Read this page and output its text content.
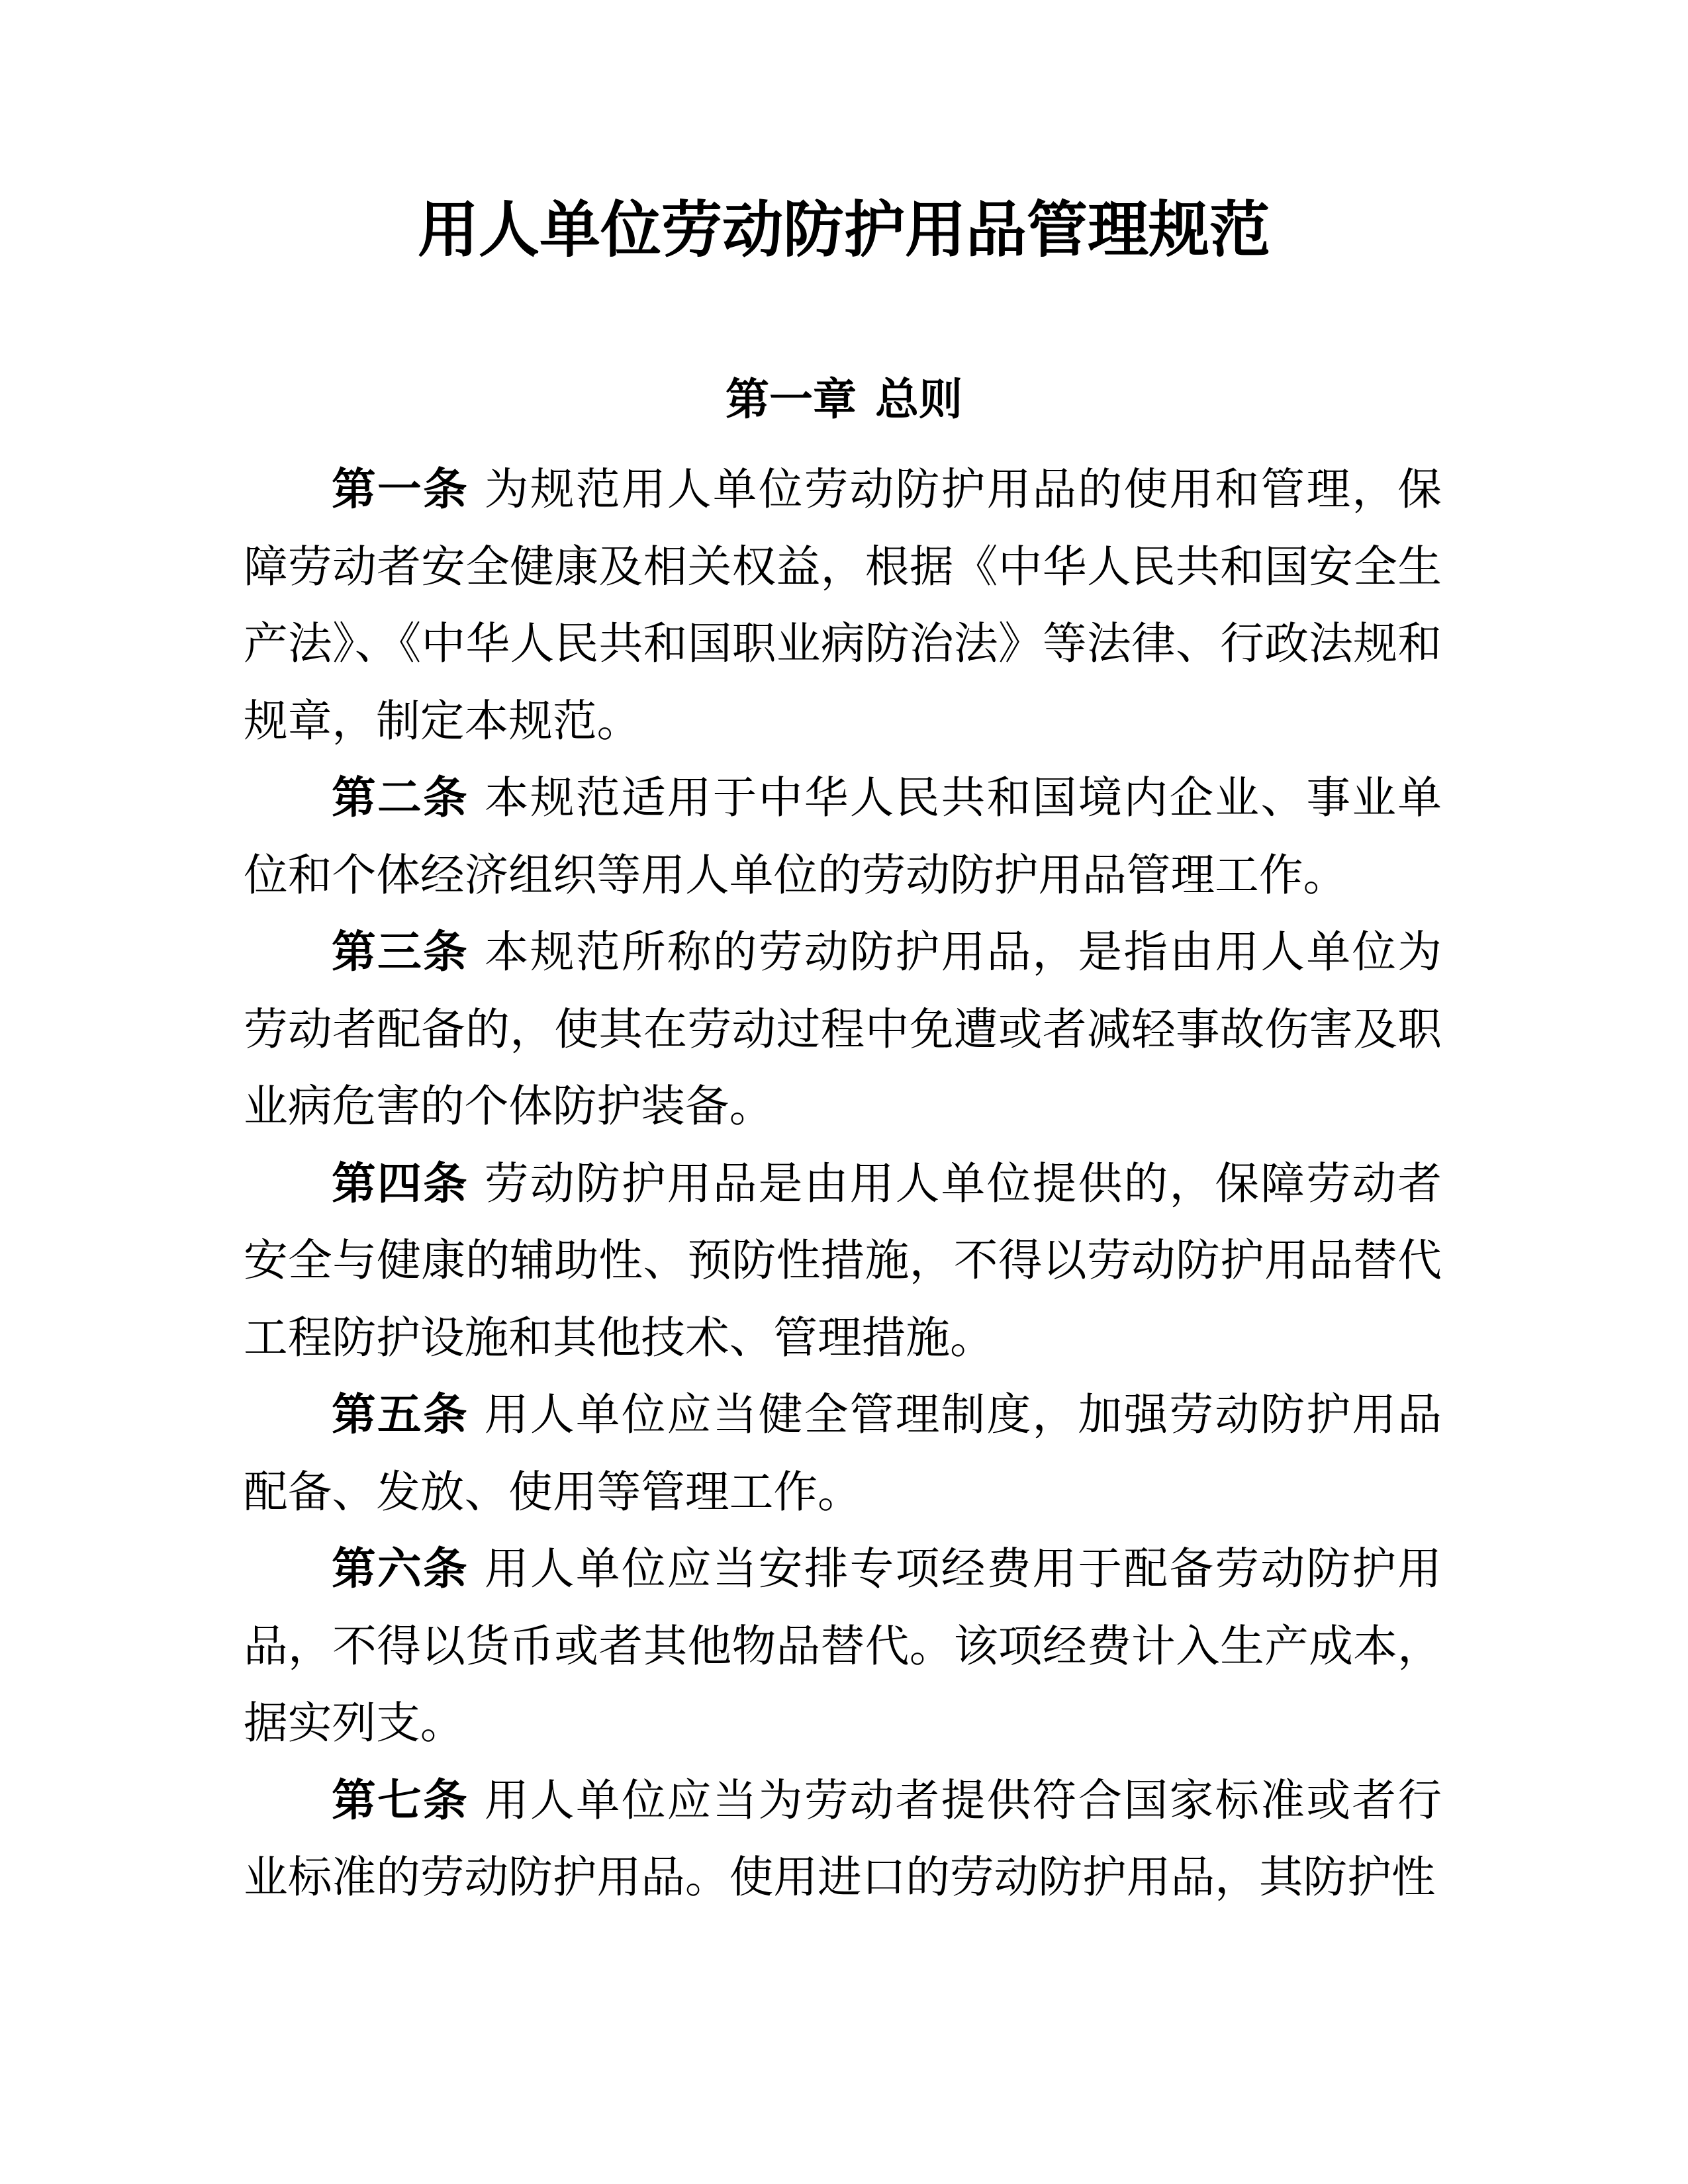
用人单位劳动防护用品管理规范
第一章 总则

第一条 为规范用人单位劳动防护用品的使用和管理，保障劳动者安全健康及相关权益，根据《中华人民共和国安全生产法》、《中华人民共和国职业病防治法》等法律、行政法规和规章，制定本规范。

第二条 本规范适用于中华人民共和国境内企业、事业单位和个体经济组织等用人单位的劳动防护用品管理工作。

第三条 本规范所称的劳动防护用品，是指由用人单位为劳动者配备的，使其在劳动过程中免遭或者减轻事故伤害及职业病危害的个体防护装备。

第四条 劳动防护用品是由用人单位提供的，保障劳动者安全与健康的辅助性、预防性措施，不得以劳动防护用品替代工程防护设施和其他技术、管理措施。

第五条 用人单位应当健全管理制度，加强劳动防护用品配备、发放、使用等管理工作。

第六条 用人单位应当安排专项经费用于配备劳动防护用品，不得以货币或者其他物品替代。该项经费计入生产成本，据实列支。

第七条 用人单位应当为劳动者提供符合国家标准或者行业标准的劳动防护用品。使用进口的劳动防护用品，其防护性
